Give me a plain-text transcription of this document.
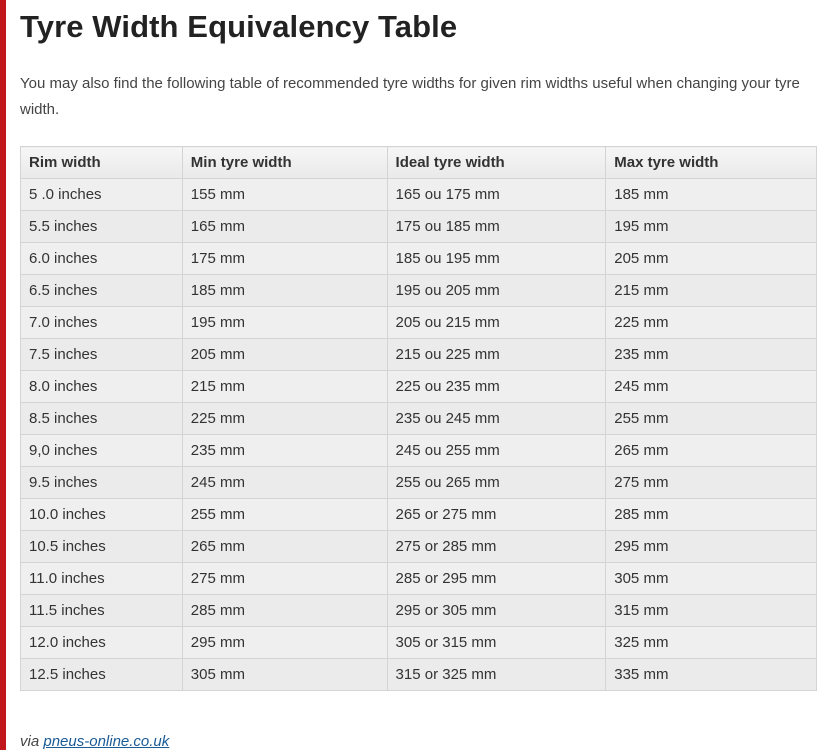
Tyre Width Equivalency Table

You may also find the following table of recommended tyre widths for given rim widths useful when changing your tyre width.

Rim width	Min tyre width	Ideal tyre width	Max tyre width
5 .0 inches	155 mm	165 ou 175 mm	185 mm
5.5 inches	165 mm	175 ou 185 mm	195 mm
6.0 inches	175 mm	185 ou 195 mm	205 mm
6.5 inches	185 mm	195 ou 205 mm	215 mm
7.0 inches	195 mm	205 ou 215 mm	225 mm
7.5 inches	205 mm	215 ou 225 mm	235 mm
8.0 inches	215 mm	225 ou 235 mm	245 mm
8.5 inches	225 mm	235 ou 245 mm	255 mm
9,0 inches	235 mm	245 ou 255 mm	265 mm
9.5 inches	245 mm	255 ou 265 mm	275 mm
10.0 inches	255 mm	265 or 275 mm	285 mm
10.5 inches	265 mm	275 or 285 mm	295 mm
11.0 inches	275 mm	285 or 295 mm	305 mm
11.5 inches	285 mm	295 or 305 mm	315 mm
12.0 inches	295 mm	305 or 315 mm	325 mm
12.5 inches	305 mm	315 or 325 mm	335 mm
via pneus-online.co.uk
